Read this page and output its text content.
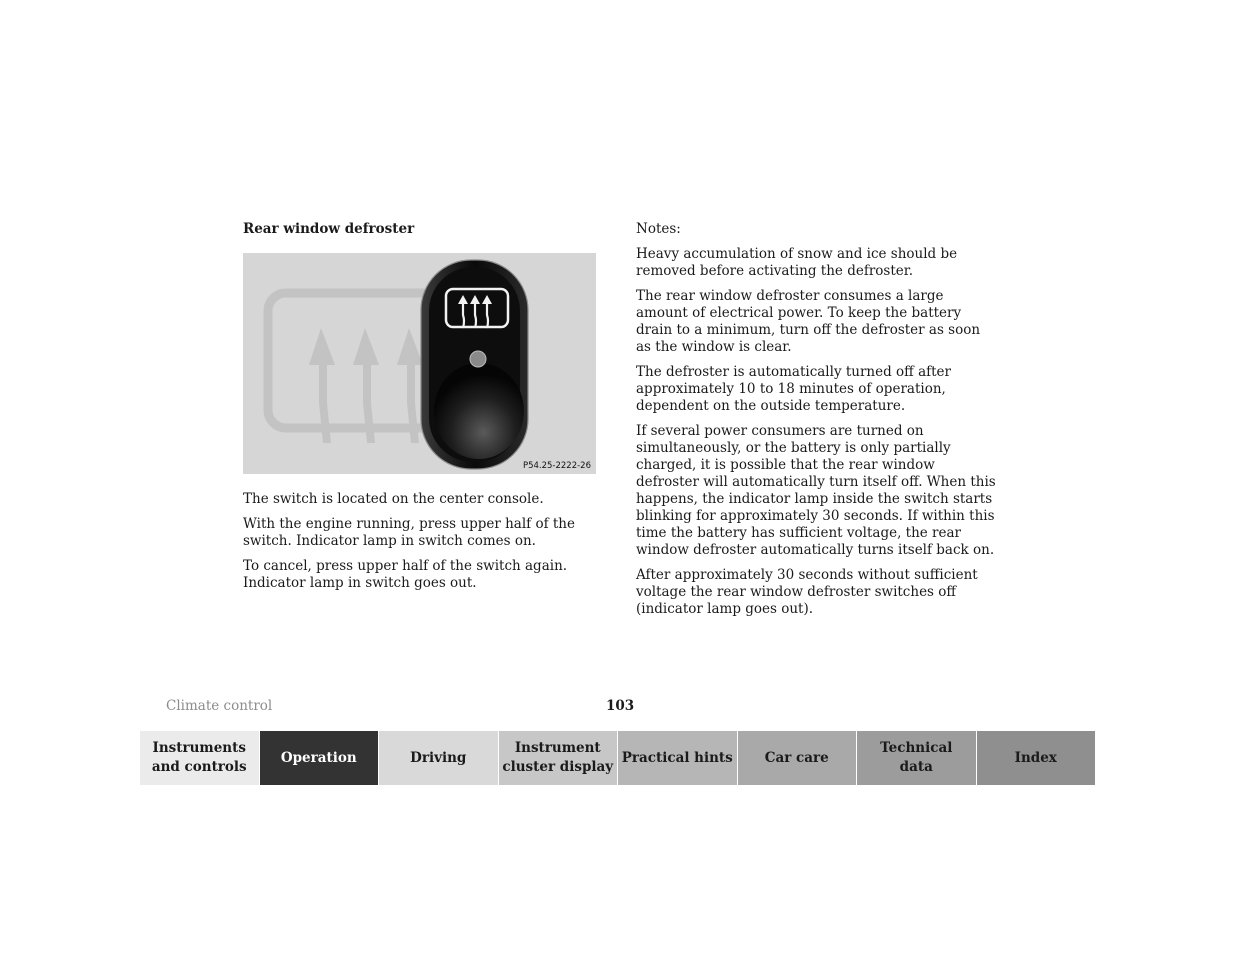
Rear window defroster

P54.25-2222-26

The switch is located on the center console.

With the engine running, press upper half of the switch. Indicator lamp in switch comes on.

To cancel, press upper half of the switch again. Indicator lamp in switch goes out.

Notes:

Heavy accumulation of snow and ice should be removed before activating the defroster.

The rear window defroster consumes a large amount of electrical power. To keep the battery drain to a minimum, turn off the defroster as soon as the window is clear.

The defroster is automatically turned off after approximately 10 to 18 minutes of operation, dependent on the outside temperature.

If several power consumers are turned on simultaneously, or the battery is only partially charged, it is possible that the rear window defroster will automatically turn itself off. When this happens, the indicator lamp inside the switch starts blinking for approximately 30 seconds. If within this time the battery has sufficient voltage, the rear window defroster automatically turns itself back on.

After approximately 30 seconds without sufficient voltage the rear window defroster switches off (indicator lamp goes out).

Climate control	103
Instruments
and controls
Operation	Driving
Instrument
cluster display
Practical hints	Car care
Technical
data
Index
